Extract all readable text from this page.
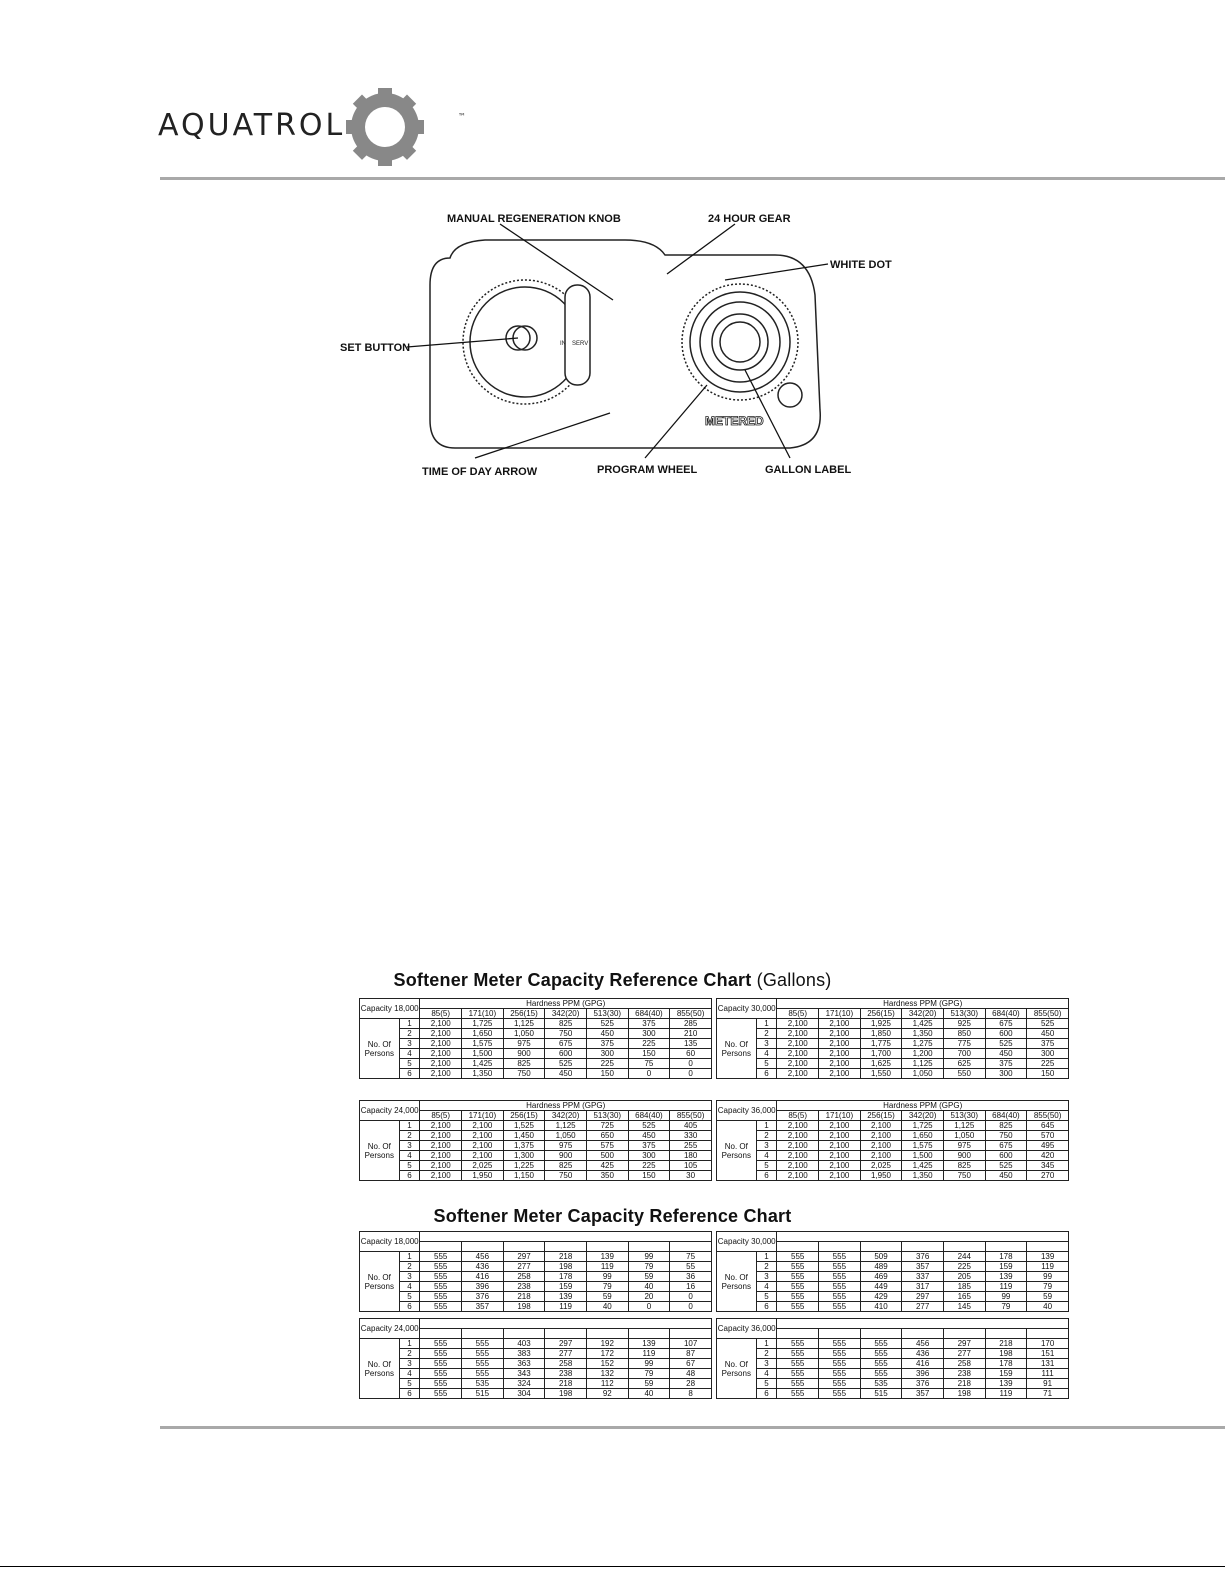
AQUATROL	™
IN SERV
METERED
MANUAL REGENERATION KNOB	24 HOUR GEAR
WHITE DOT
SET BUTTON
TIME OF DAY ARROW	PROGRAM WHEEL	GALLON LABEL
Softener Meter Capacity Reference Chart (Gallons)
Capacity 18,000		Hardness PPM (GPG)						
		85(5)	171(10)	256(15)	342(20)	513(30)	684(40)	855(50)

No. Of
Persons	1	2,100	1,725	1,125	825	525	375	285
	2	2,100	1,650	1,050	750	450	300	210
	3	2,100	1,575	975	675	375	225	135
	4	2,100	1,500	900	600	300	150	60
	5	2,100	1,425	825	525	225	75	0
	6	2,100	1,350	750	450	150	0	0
Capacity 30,000		Hardness PPM (GPG)						
		85(5)	171(10)	256(15)	342(20)	513(30)	684(40)	855(50)

No. Of
Persons	1	2,100	2,100	1,925	1,425	925	675	525
	2	2,100	2,100	1,850	1,350	850	600	450
	3	2,100	2,100	1,775	1,275	775	525	375
	4	2,100	2,100	1,700	1,200	700	450	300
	5	2,100	2,100	1,625	1,125	625	375	225
	6	2,100	2,100	1,550	1,050	550	300	150
Capacity 24,000		Hardness PPM (GPG)						
		85(5)	171(10)	256(15)	342(20)	513(30)	684(40)	855(50)

No. Of
Persons	1	2,100	2,100	1,525	1,125	725	525	405
	2	2,100	2,100	1,450	1,050	650	450	330
	3	2,100	2,100	1,375	975	575	375	255
	4	2,100	2,100	1,300	900	500	300	180
	5	2,100	2,025	1,225	825	425	225	105
	6	2,100	1,950	1,150	750	350	150	30
Capacity 36,000		Hardness PPM (GPG)						
		85(5)	171(10)	256(15)	342(20)	513(30)	684(40)	855(50)

No. Of
Persons	1	2,100	2,100	2,100	1,725	1,125	825	645
	2	2,100	2,100	2,100	1,650	1,050	750	570
	3	2,100	2,100	2,100	1,575	975	675	495
	4	2,100	2,100	2,100	1,500	900	600	420
	5	2,100	2,100	2,025	1,425	825	525	345
	6	2,100	2,100	1,950	1,350	750	450	270
Softener Meter Capacity Reference Chart
Capacity 18,000								

No. Of
Persons	1	555	456	297	218	139	99	75
	2	555	436	277	198	119	79	55
	3	555	416	258	178	99	59	36
	4	555	396	238	159	79	40	16
	5	555	376	218	139	59	20	0
	6	555	357	198	119	40	0	0
Capacity 30,000								

No. Of
Persons	1	555	555	509	376	244	178	139
	2	555	555	489	357	225	159	119
	3	555	555	469	337	205	139	99
	4	555	555	449	317	185	119	79
	5	555	555	429	297	165	99	59
	6	555	555	410	277	145	79	40
Capacity 24,000								

No. Of
Persons	1	555	555	403	297	192	139	107
	2	555	555	383	277	172	119	87
	3	555	555	363	258	152	99	67
	4	555	555	343	238	132	79	48
	5	555	535	324	218	112	59	28
	6	555	515	304	198	92	40	8
Capacity 36,000								

No. Of
Persons	1	555	555	555	456	297	218	170
	2	555	555	555	436	277	198	151
	3	555	555	555	416	258	178	131
	4	555	555	555	396	238	159	111
	5	555	555	535	376	218	139	91
	6	555	555	515	357	198	119	71
